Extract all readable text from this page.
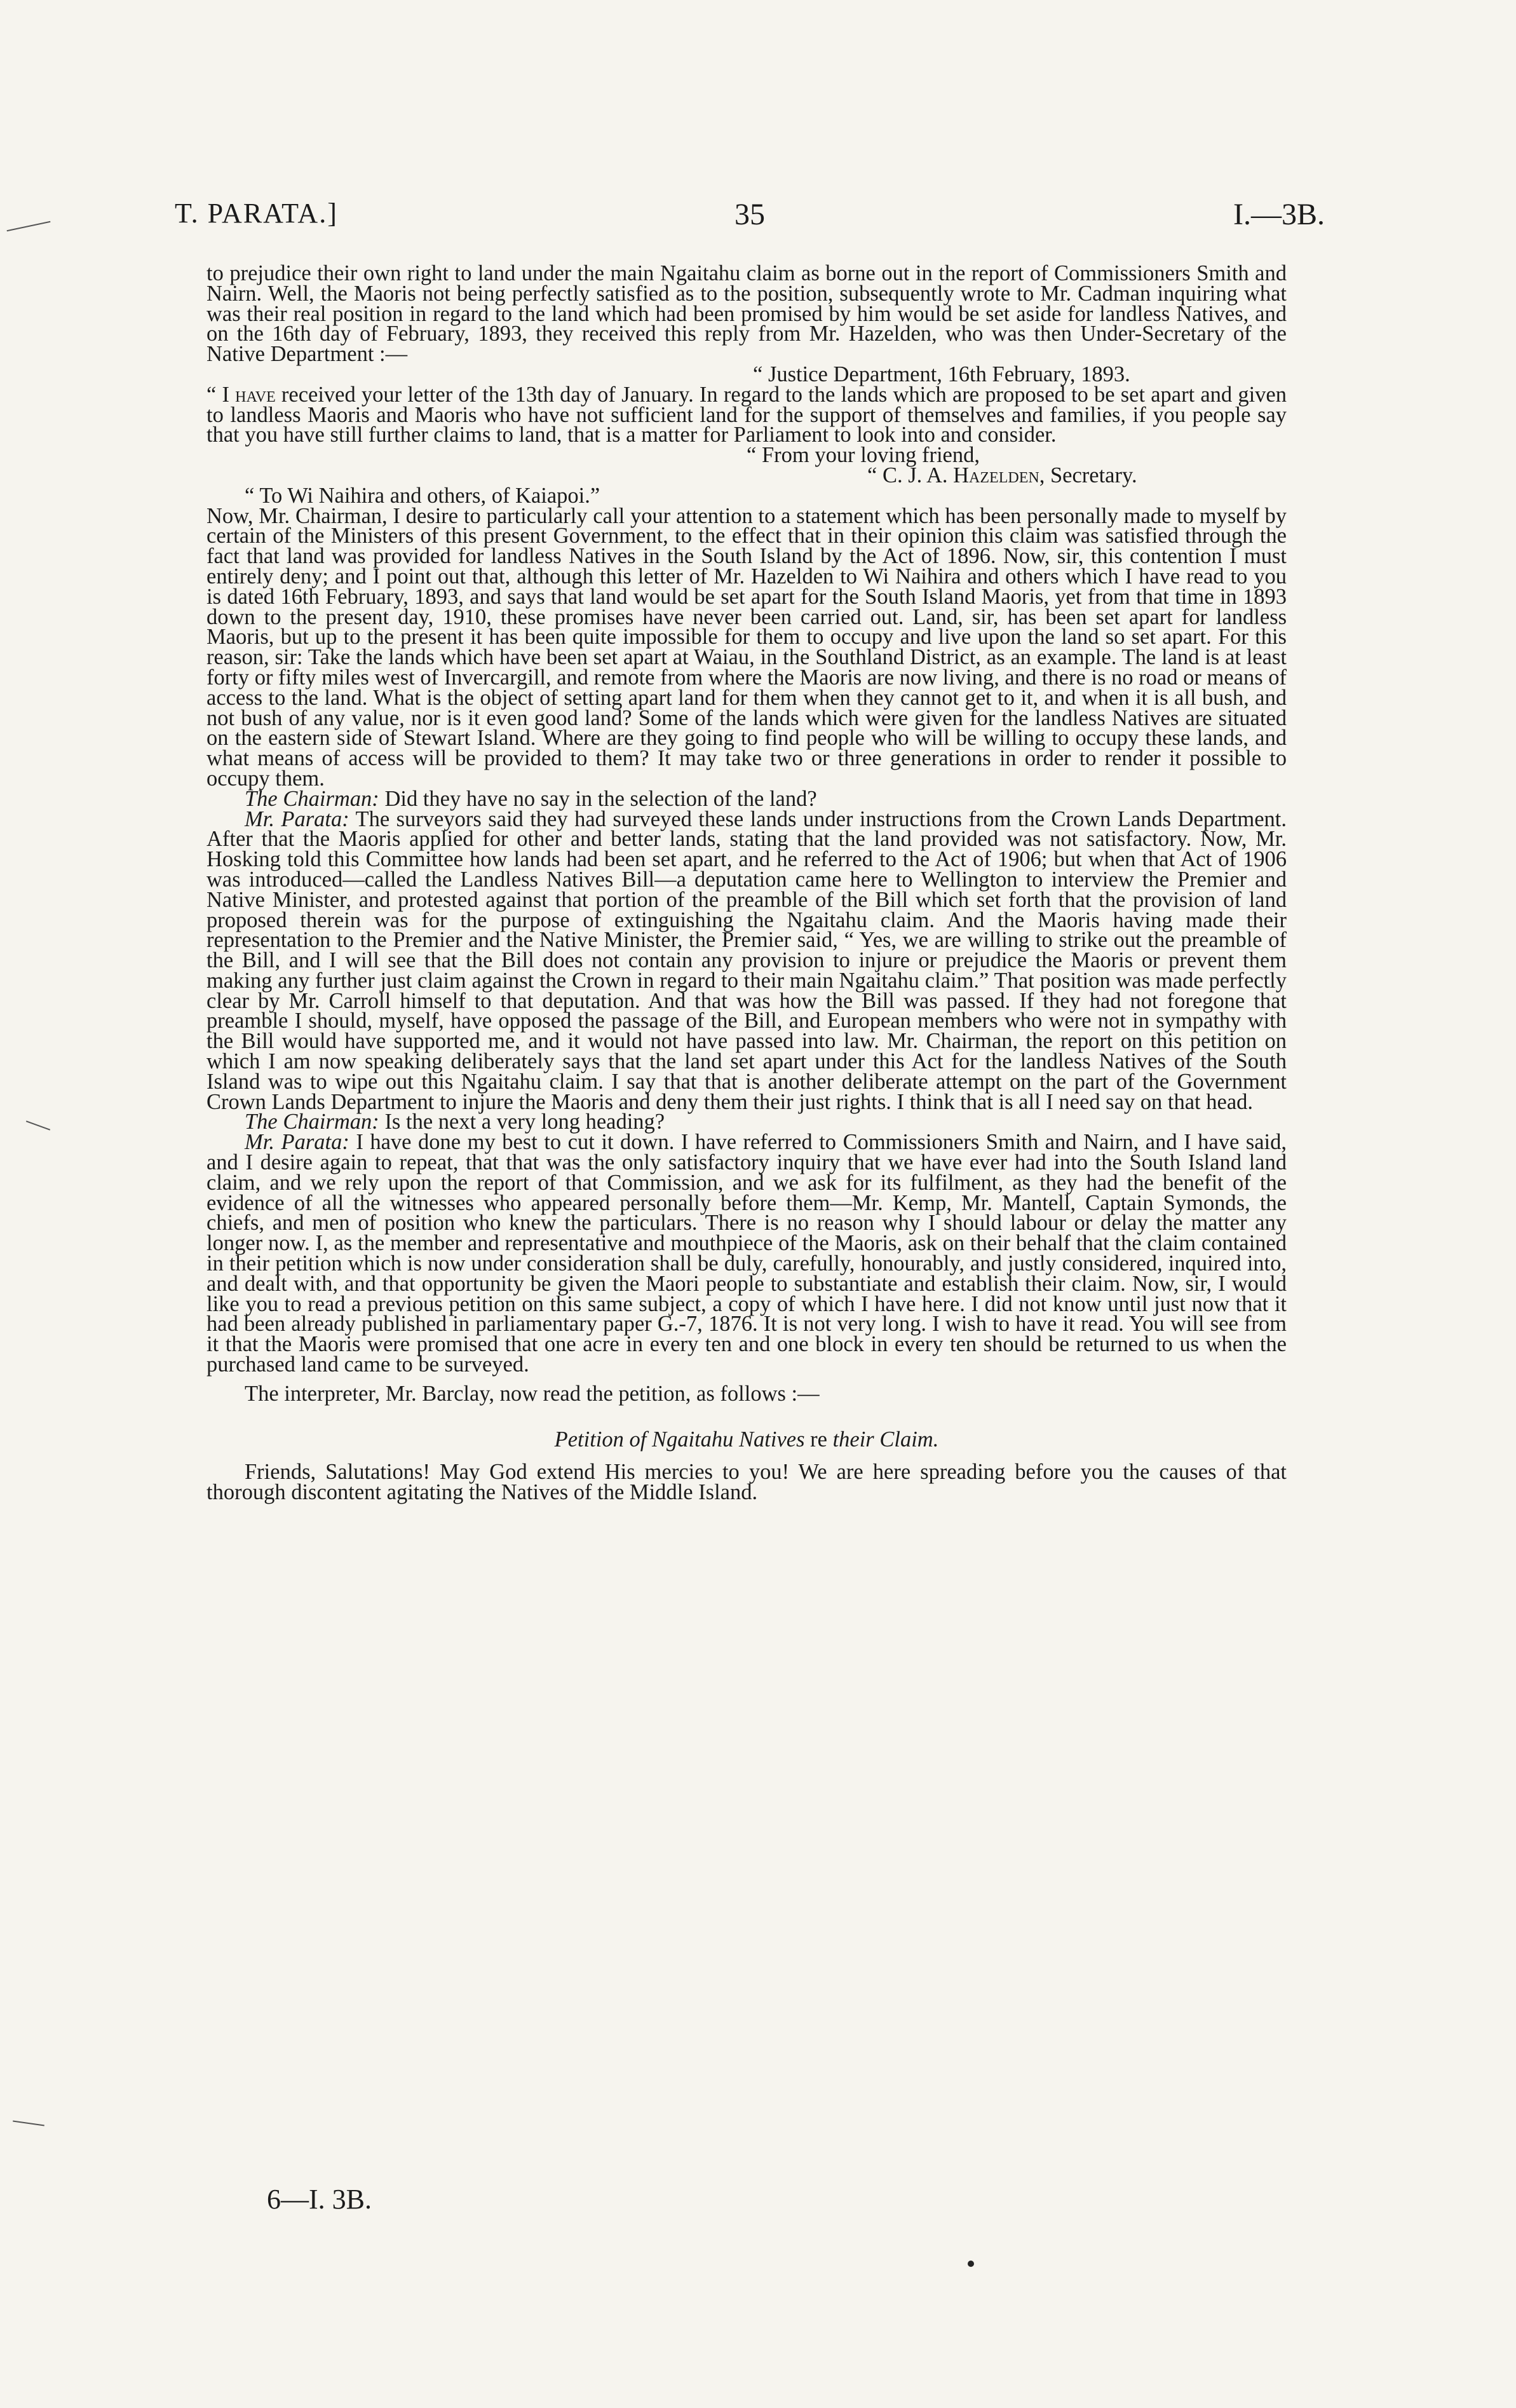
T. PARATA.]	35	I.—3B.

to prejudice their own right to land under the main Ngaitahu claim as borne out in the report of Commissioners Smith and Nairn. Well, the Maoris not being perfectly satisfied as to the position, subsequently wrote to Mr. Cadman inquiring what was their real position in regard to the land which had been promised by him would be set aside for landless Natives, and on the 16th day of February, 1893, they received this reply from Mr. Hazelden, who was then Under-Secretary of the Native Department :—

“ Justice Department, 16th February, 1893.

“ I have received your letter of the 13th day of January. In regard to the lands which are proposed to be set apart and given to landless Maoris and Maoris who have not sufficient land for the support of themselves and families, if you people say that you have still further claims to land, that is a matter for Parliament to look into and consider.

“ From your loving friend,

“ C. J. A. Hazelden, Secretary.

“ To Wi Naihira and others, of Kaiapoi.”

Now, Mr. Chairman, I desire to particularly call your attention to a statement which has been personally made to myself by certain of the Ministers of this present Government, to the effect that in their opinion this claim was satisfied through the fact that land was provided for landless Natives in the South Island by the Act of 1896. Now, sir, this contention I must entirely deny; and I point out that, although this letter of Mr. Hazelden to Wi Naihira and others which I have read to you is dated 16th February, 1893, and says that land would be set apart for the South Island Maoris, yet from that time in 1893 down to the present day, 1910, these promises have never been carried out. Land, sir, has been set apart for landless Maoris, but up to the present it has been quite impossible for them to occupy and live upon the land so set apart. For this reason, sir: Take the lands which have been set apart at Waiau, in the Southland District, as an example. The land is at least forty or fifty miles west of Invercargill, and remote from where the Maoris are now living, and there is no road or means of access to the land. What is the object of setting apart land for them when they cannot get to it, and when it is all bush, and not bush of any value, nor is it even good land? Some of the lands which were given for the landless Natives are situated on the eastern side of Stewart Island. Where are they going to find people who will be willing to occupy these lands, and what means of access will be provided to them? It may take two or three generations in order to render it possible to occupy them.

The Chairman: Did they have no say in the selection of the land?

Mr. Parata: The surveyors said they had surveyed these lands under instructions from the Crown Lands Department. After that the Maoris applied for other and better lands, stating that the land provided was not satisfactory. Now, Mr. Hosking told this Committee how lands had been set apart, and he referred to the Act of 1906; but when that Act of 1906 was introduced—called the Landless Natives Bill—a deputation came here to Wellington to interview the Premier and Native Minister, and protested against that portion of the preamble of the Bill which set forth that the provision of land proposed therein was for the purpose of extinguishing the Ngaitahu claim. And the Maoris having made their representation to the Premier and the Native Minister, the Premier said, “ Yes, we are willing to strike out the preamble of the Bill, and I will see that the Bill does not contain any provision to injure or prejudice the Maoris or prevent them making any further just claim against the Crown in regard to their main Ngaitahu claim.” That position was made perfectly clear by Mr. Carroll himself to that deputation. And that was how the Bill was passed. If they had not foregone that preamble I should, myself, have opposed the passage of the Bill, and European members who were not in sympathy with the Bill would have supported me, and it would not have passed into law. Mr. Chairman, the report on this petition on which I am now speaking deliberately says that the land set apart under this Act for the landless Natives of the South Island was to wipe out this Ngaitahu claim. I say that that is another deliberate attempt on the part of the Government Crown Lands Department to injure the Maoris and deny them their just rights. I think that is all I need say on that head.

The Chairman: Is the next a very long heading?

Mr. Parata: I have done my best to cut it down. I have referred to Commissioners Smith and Nairn, and I have said, and I desire again to repeat, that that was the only satisfactory inquiry that we have ever had into the South Island land claim, and we rely upon the report of that Commission, and we ask for its fulfilment, as they had the benefit of the evidence of all the witnesses who appeared personally before them—Mr. Kemp, Mr. Mantell, Captain Symonds, the chiefs, and men of position who knew the particulars. There is no reason why I should labour or delay the matter any longer now. I, as the member and representative and mouthpiece of the Maoris, ask on their behalf that the claim contained in their petition which is now under consideration shall be duly, carefully, honourably, and justly considered, inquired into, and dealt with, and that opportunity be given the Maori people to substantiate and establish their claim. Now, sir, I would like you to read a previous petition on this same subject, a copy of which I have here. I did not know until just now that it had been already published in parliamentary paper G.-7, 1876. It is not very long. I wish to have it read. You will see from it that the Maoris were promised that one acre in every ten and one block in every ten should be returned to us when the purchased land came to be surveyed.

The interpreter, Mr. Barclay, now read the petition, as follows :—

Petition of Ngaitahu Natives re their Claim.

Friends, Salutations! May God extend His mercies to you! We are here spreading before you the causes of that thorough discontent agitating the Natives of the Middle Island.

6—I. 3B.
